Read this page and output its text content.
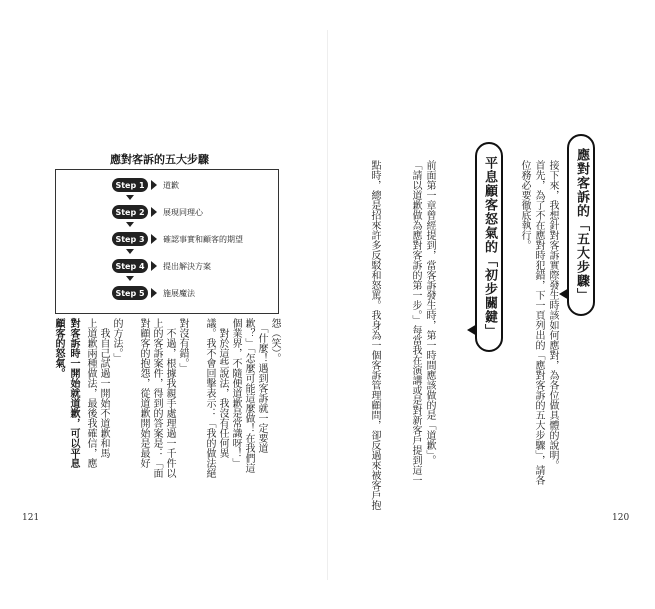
應對客訴的五大步驟
Step 1	道歉
Step 2	展現同理心
Step 3	確認事實和顧客的期望
Step 4	提出解決方案
Step 5	施展魔法
怨（笑）。
　「什麼！遇到客訴就一定要道
歉？」「怎麼可能這麼做！在我們這
個業界，不隨便道歉是常識呀！」
　對於這些說法，我沒有任何異
議。我不會回擊表示：「我的做法絕
對沒有錯。」
　不過，根據我親手處理過一千件以
上的客訴案件，得到的答案是：「面
對顧客的抱怨，從道歉開始是最好
的方法。」
　我自己試過一開始不道歉和馬
上道歉兩種做法，最後我確信，應
對客訴時一開始就道歉，可以平息
顧客的怒氣。
121
應對客訴的「五大步驟」
接下來，我想針對客訴實際發生時該如何應對，為各位做具體的說明。
首先，為了不在應對時犯錯，下一頁列出的「應對客訴的五大步驟」，請各
位務必要徹底執行。
平息顧客怒氣的「初步關鍵」
前面第一章曾經提到，當客訴發生時，第一時間應該做的是「道歉」。
「請以道歉做為應對客訴的第一步。」每當我在演講或是對新客戶提到這一
點時，總是招來許多反駁和怒罵。我身為一個客訴管理顧問，卻反過來被客戶抱
120
